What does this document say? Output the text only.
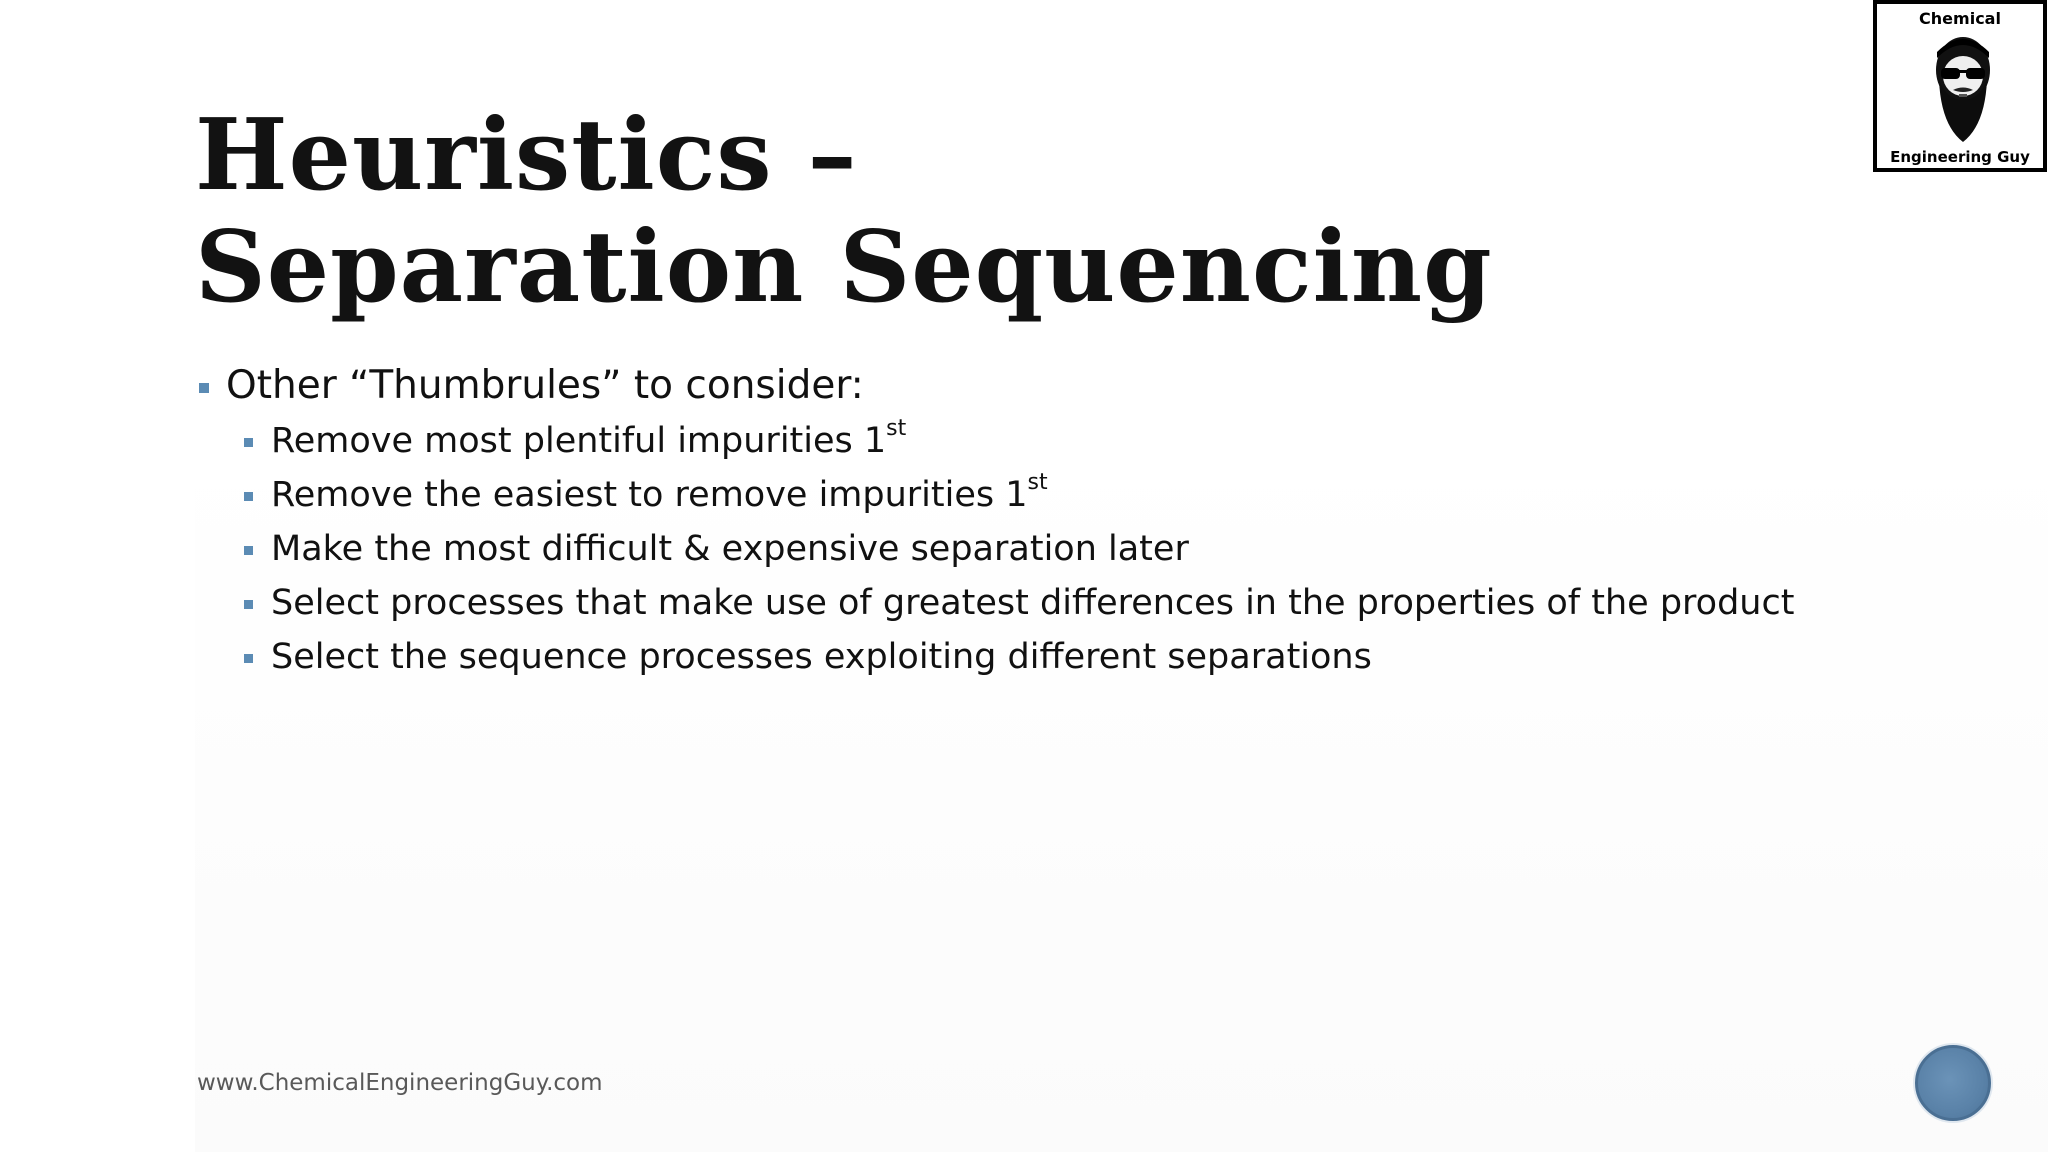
Heuristics –
Separation Sequencing
Other “Thumbrules” to consider:
Remove most plentiful impurities 1st
Remove the easiest to remove impurities 1st
Make the most difficult & expensive separation later
Select processes that make use of greatest differences in the properties of the product
Select the sequence processes exploiting different separations
www.ChemicalEngineeringGuy.com
Chemical
Engineering Guy
